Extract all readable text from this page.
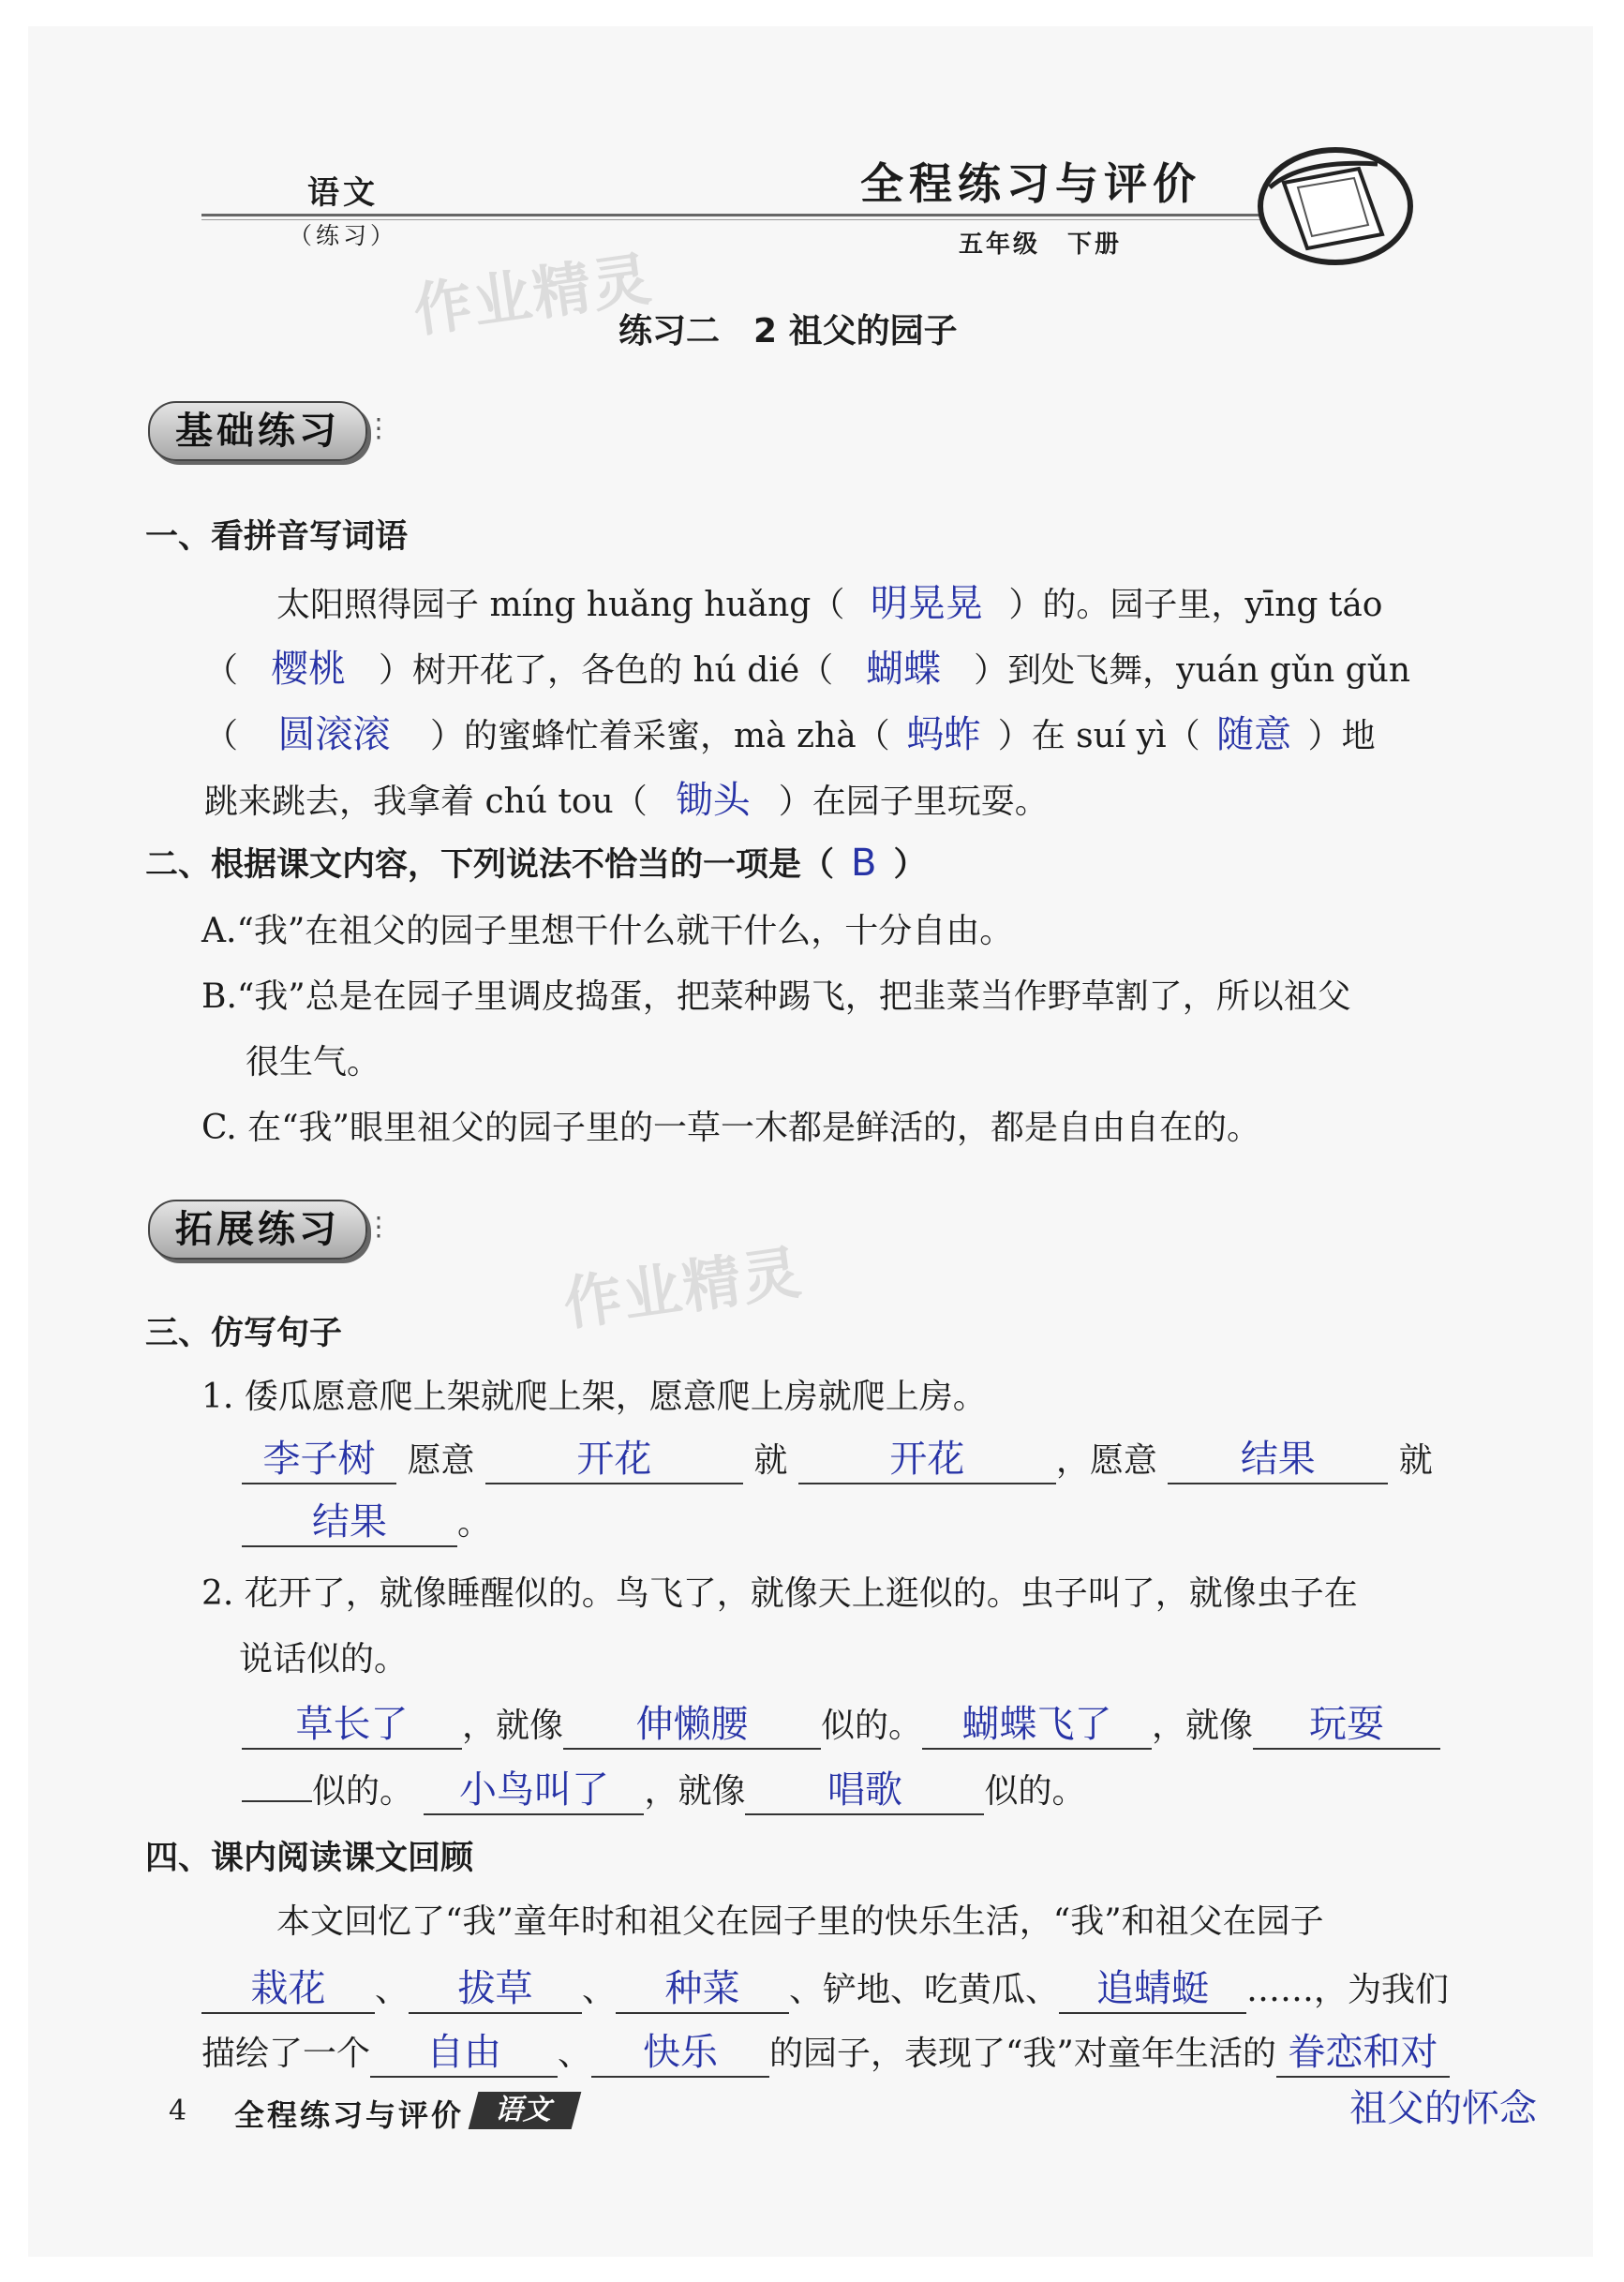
语文
（练习）
全程练习与评价
五年级　下册
作业精灵
作业精灵
练习二　2 祖父的园子
基础练习 ⋮
一、看拼音写词语
太阳照得园子 míng huǎng huǎng（ 明晃晃 ）的。园子里，yīng táo
（ 樱桃 ）树开花了，各色的 hú dié（ 蝴蝶 ）到处飞舞，yuán gǔn gǔn
（ 圆滚滚 ）的蜜蜂忙着采蜜，mà zhà（ 蚂蚱 ）在 suí yì（ 随意 ）地
跳来跳去，我拿着 chú tou（ 锄头 ）在园子里玩耍。
二、根据课文内容，下列说法不恰当的一项是（ B ）
A.“我”在祖父的园子里想干什么就干什么，十分自由。
B.“我”总是在园子里调皮捣蛋，把菜种踢飞，把韭菜当作野草割了，所以祖父
很生气。
C. 在“我”眼里祖父的园子里的一草一木都是鲜活的，都是自由自在的。
拓展练习 ⋮
三、仿写句子
1. 倭瓜愿意爬上架就爬上架，愿意爬上房就爬上房。
李子树 愿意	开花	就	开花	，愿意 结果 就
结果 。
2. 花开了，就像睡醒似的。鸟飞了，就像天上逛似的。虫子叫了，就像虫子在
说话似的。
草长了 ，就像 伸懒腰 似的。 蝴蝶飞了 ，就像 玩耍
似的。 小鸟叫了 ，就像 唱歌 似的。
四、课内阅读课文回顾
本文回忆了“我”童年时和祖父在园子里的快乐生活，“我”和祖父在园子
栽花 、 拔草 、 种菜 、铲地、吃黄瓜、 追蜻蜓 ……，为我们
描绘了一个 自由 、 快乐 的园子，表现了“我”对童年生活的 眷恋和对
祖父的怀念
4 全程练习与评价	语文
